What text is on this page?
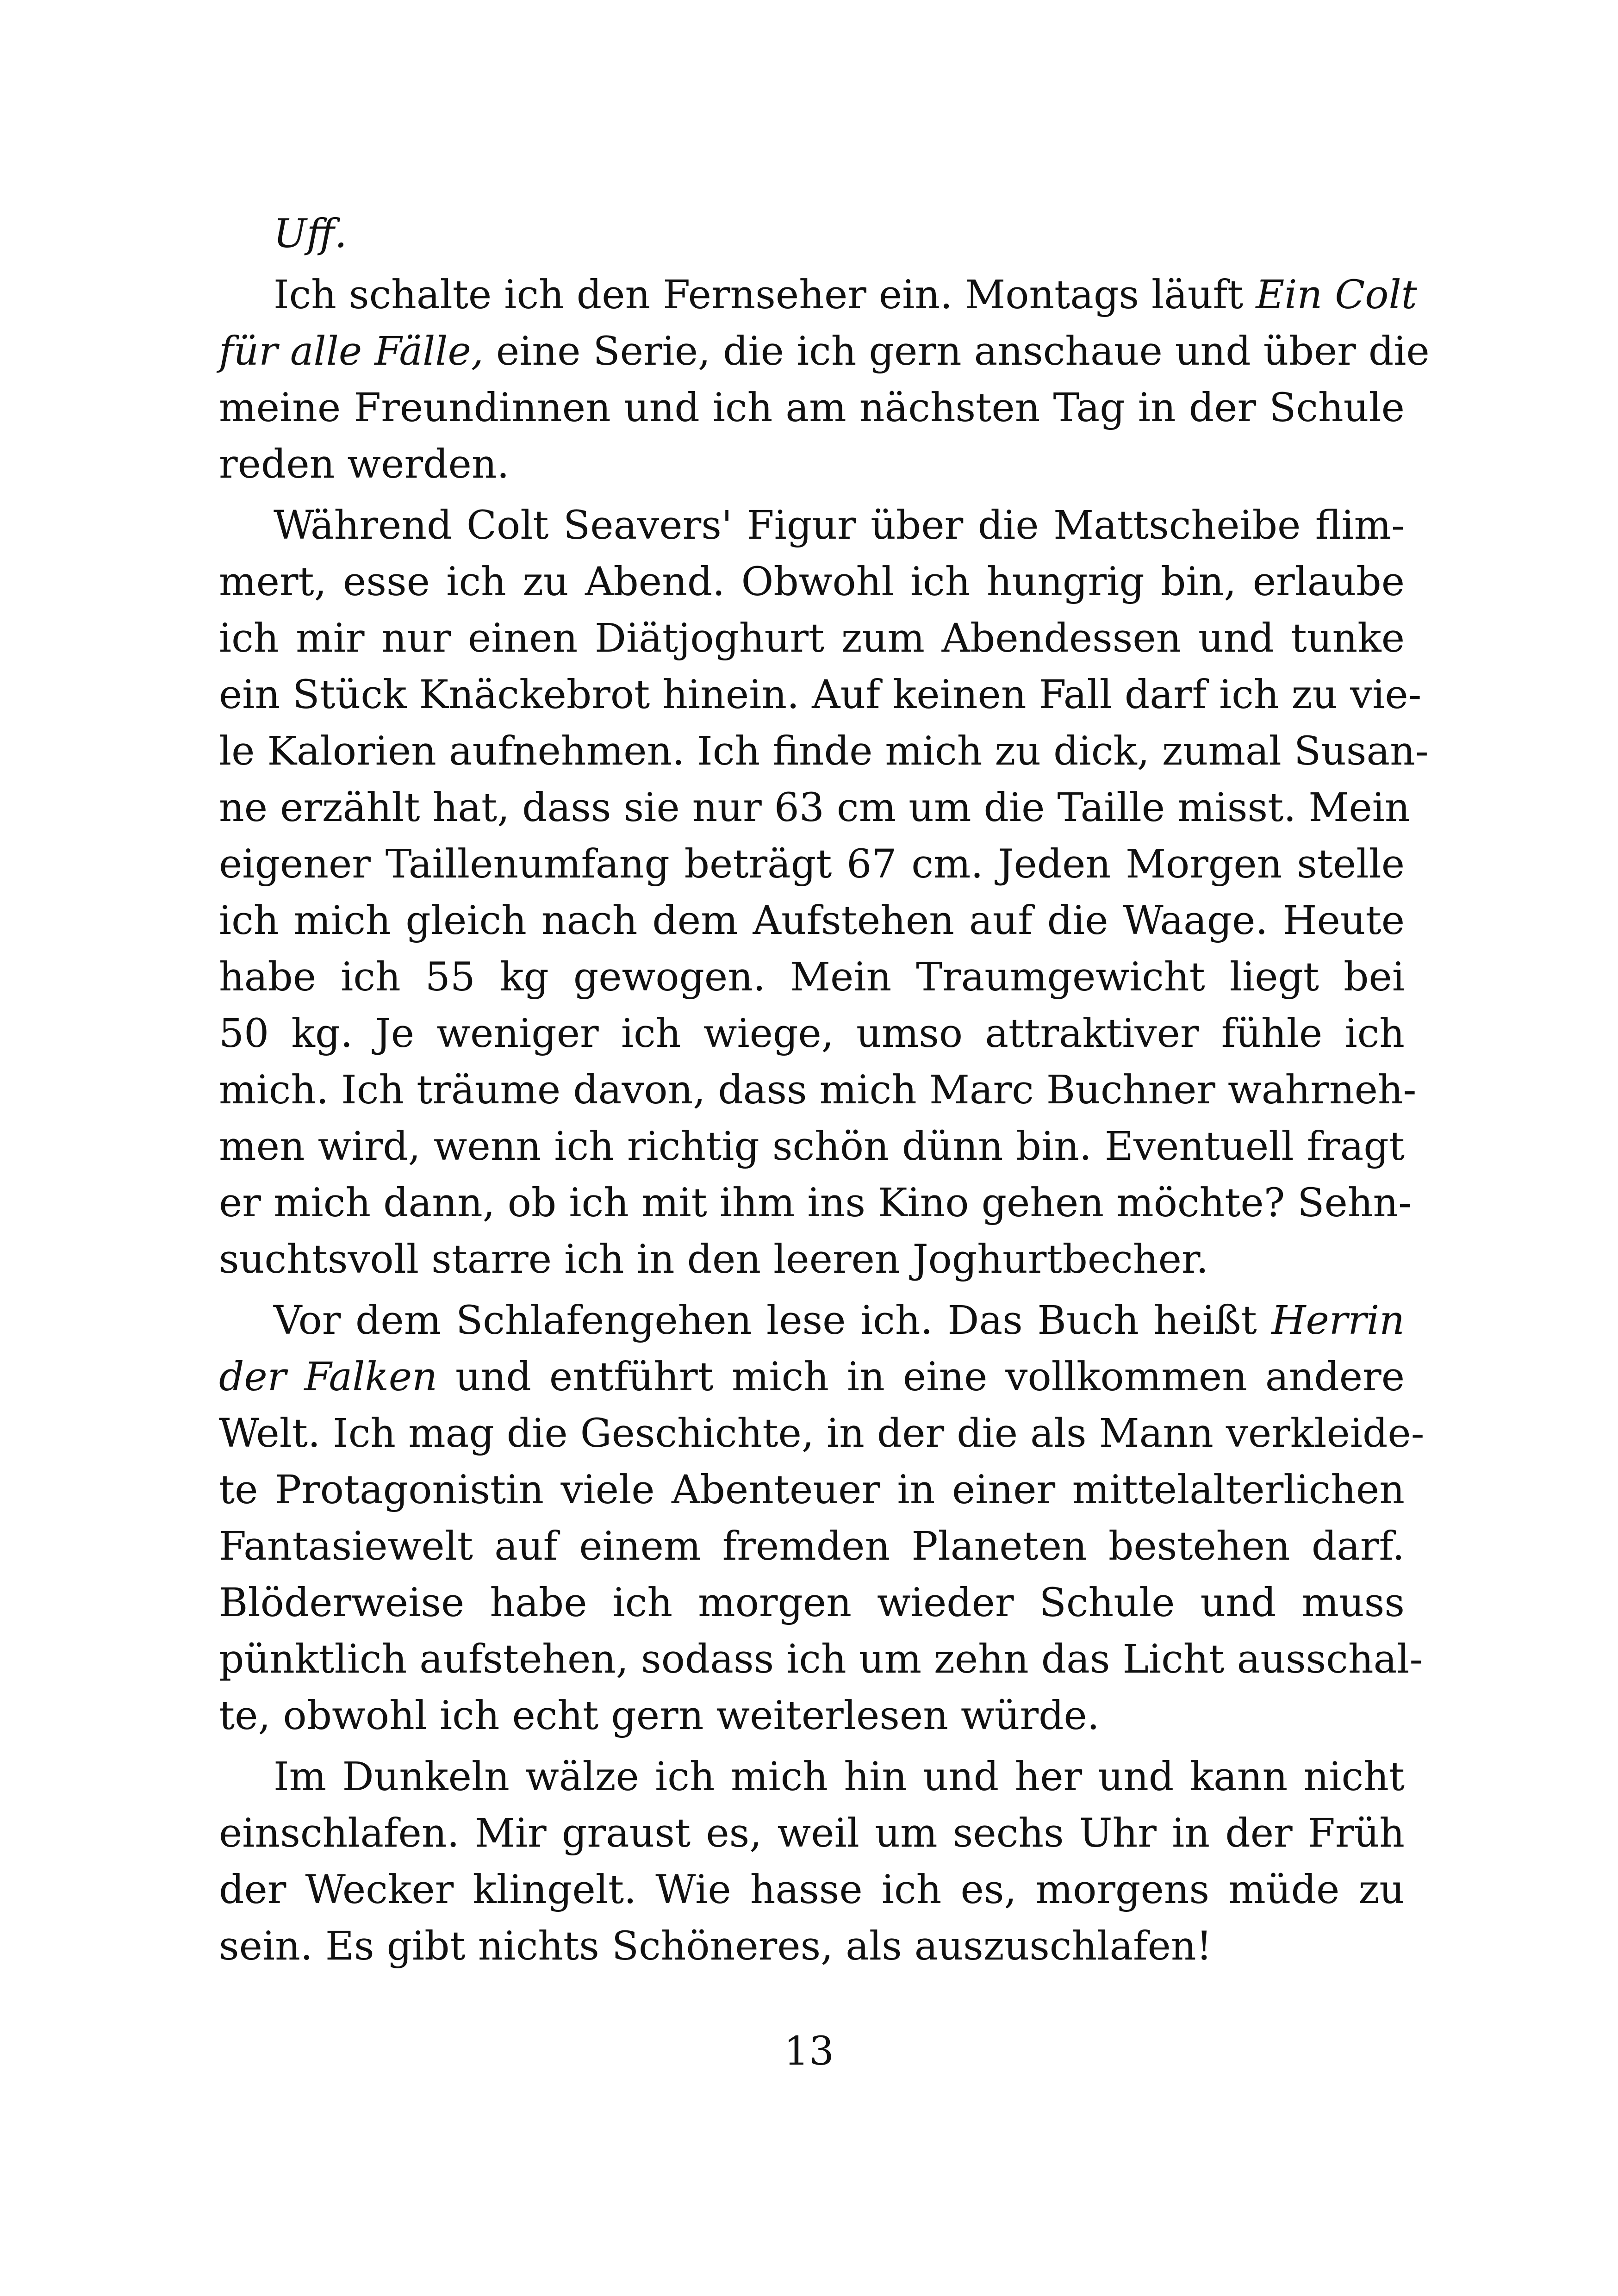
Uff.
Ich schalte ich den Fernseher ein. Montags läuft Ein Colt
für alle Fälle, eine Serie, die ich gern anschaue und über die
meine Freundinnen und ich am nächsten Tag in der Schule
reden werden.
Während Colt Seavers' Figur über die Mattscheibe flim-
mert, esse ich zu Abend. Obwohl ich hungrig bin, erlaube
ich mir nur einen Diätjoghurt zum Abendessen und tunke
ein Stück Knäckebrot hinein. Auf keinen Fall darf ich zu vie-
le Kalorien aufnehmen. Ich finde mich zu dick, zumal Susan-
ne erzählt hat, dass sie nur 63 cm um die Taille misst. Mein
eigener Taillenumfang beträgt 67 cm. Jeden Morgen stelle
ich mich gleich nach dem Aufstehen auf die Waage. Heute
habe ich 55 kg gewogen. Mein Traumgewicht liegt bei
50 kg. Je weniger ich wiege, umso attraktiver fühle ich
mich. Ich träume davon, dass mich Marc Buchner wahrneh-
men wird, wenn ich richtig schön dünn bin. Eventuell fragt
er mich dann, ob ich mit ihm ins Kino gehen möchte? Sehn-
suchtsvoll starre ich in den leeren Joghurtbecher.
Vor dem Schlafengehen lese ich. Das Buch heißt Herrin
der Falken und entführt mich in eine vollkommen andere
Welt. Ich mag die Geschichte, in der die als Mann verkleide-
te Protagonistin viele Abenteuer in einer mittelalterlichen
Fantasiewelt auf einem fremden Planeten bestehen darf.
Blöderweise habe ich morgen wieder Schule und muss
pünktlich aufstehen, sodass ich um zehn das Licht ausschal-
te, obwohl ich echt gern weiterlesen würde.
Im Dunkeln wälze ich mich hin und her und kann nicht
einschlafen. Mir graust es, weil um sechs Uhr in der Früh
der Wecker klingelt. Wie hasse ich es, morgens müde zu
sein. Es gibt nichts Schöneres, als auszuschlafen!
13
